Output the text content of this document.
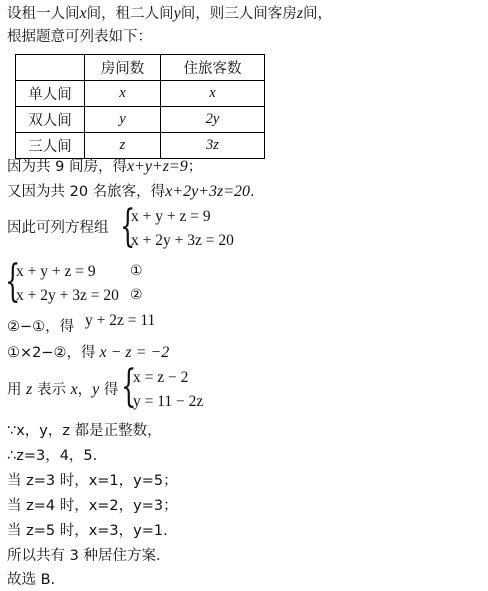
设租一人间x间，租二人间y间，则三人间客房z间，
根据题意可列表如下：
	房间数	住旅客数
单人间	x	x
双人间	y	2y
三人间	z	3z
因为共 9 间房，得x+y+z=9；
又因为共 20 名旅客，得x+2y+3z=20.
因此可列方程组 {
x + y + z = 9
x + 2y + 3z = 20
{
x + y + z = 9
x + 2y + 3z = 20
①
②
②−①，得 y + 2z = 11
①×2−②，得 x − z = −2
用 z 表示 x，y 得 {
x = z − 2
y = 11 − 2z
∵x，y，z 都是正整数，
∴z=3，4，5.
当 z=3 时，x=1，y=5；
当 z=4 时，x=2，y=3；
当 z=5 时，x=3，y=1.
所以共有 3 种居住方案.
故选 B.
